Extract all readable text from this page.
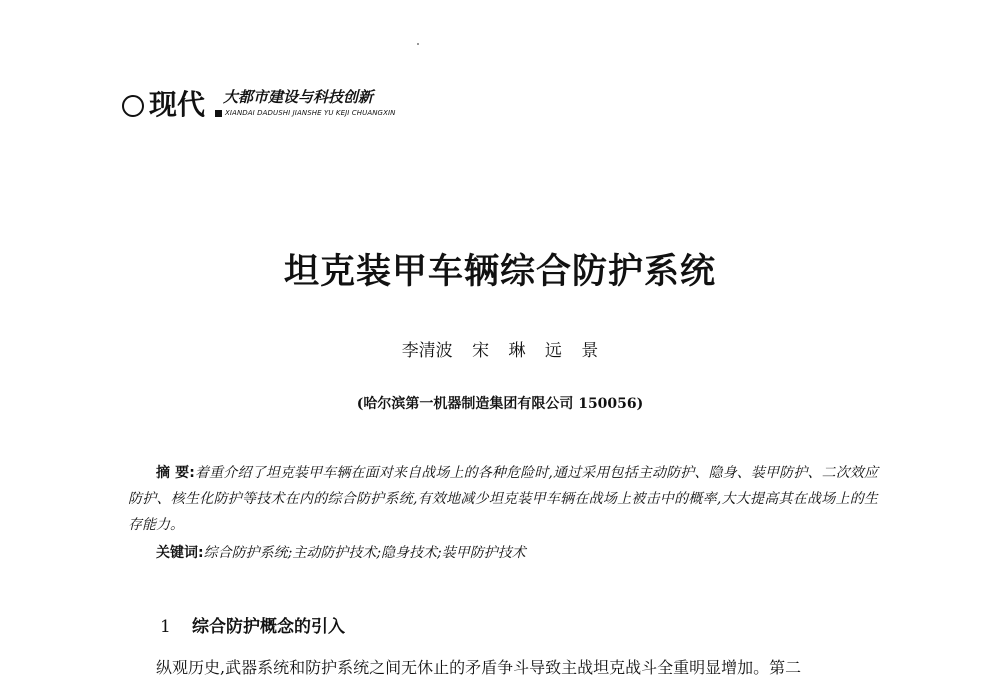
现代 大都市建设与科技创新
XIANDAI DADUSHI JIANSHE YU KEJI CHUANGXIN
坦克装甲车辆综合防护系统
李清波 宋 琳 远 景
(哈尔滨第一机器制造集团有限公司 150056)
摘 要:着重介绍了坦克装甲车辆在面对来自战场上的各种危险时,通过采用包括主动防护、隐身、装甲防护、二次效应防护、核生化防护等技术在内的综合防护系统,有效地减少坦克装甲车辆在战场上被击中的概率,大大提高其在战场上的生存能力。
关键词:综合防护系统;主动防护技术;隐身技术;装甲防护技术
1 综合防护概念的引入
纵观历史,武器系统和防护系统之间无休止的矛盾争斗导致主战坦克战斗全重明显增加。第二
